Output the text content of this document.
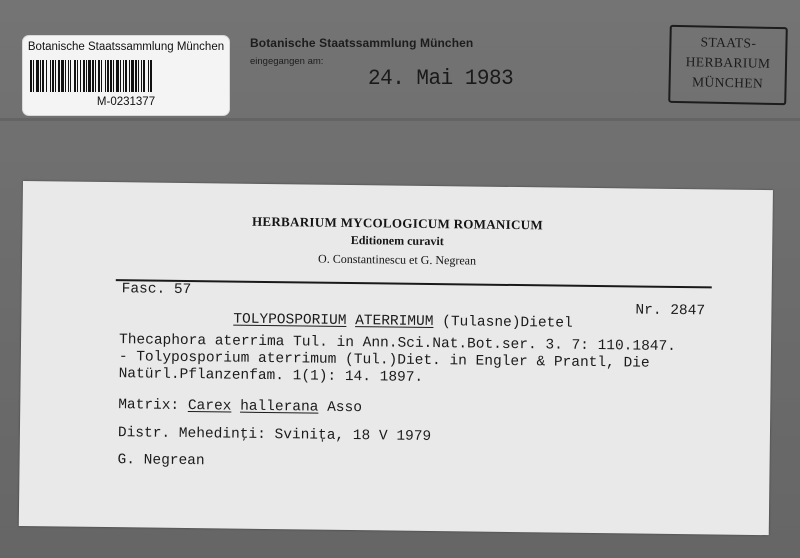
Botanische Staatssammlung München
M-0231377
Botanische Staatssammlung München
eingegangen am:
24. Mai 1983
STAATS-
HERBARIUM
MÜNCHEN
HERBARIUM MYCOLOGICUM ROMANICUM
Editionem curavit
O. Constantinescu et G. Negrean
Fasc. 57
Nr. 2847
TOLYPOSPORIUM ATERRIMUM (Tulasne)Dietel
Thecaphora aterrima Tul. in Ann.Sci.Nat.Bot.ser. 3. 7: 110.1847.
- Tolyposporium aterrimum (Tul.)Diet. in Engler & Prantl, Die
Natürl.Pflanzenfam. 1(1): 14. 1897.
Matrix: Carex hallerana Asso
Distr. Mehedinţi: Svinița, 18 V 1979
G. Negrean
